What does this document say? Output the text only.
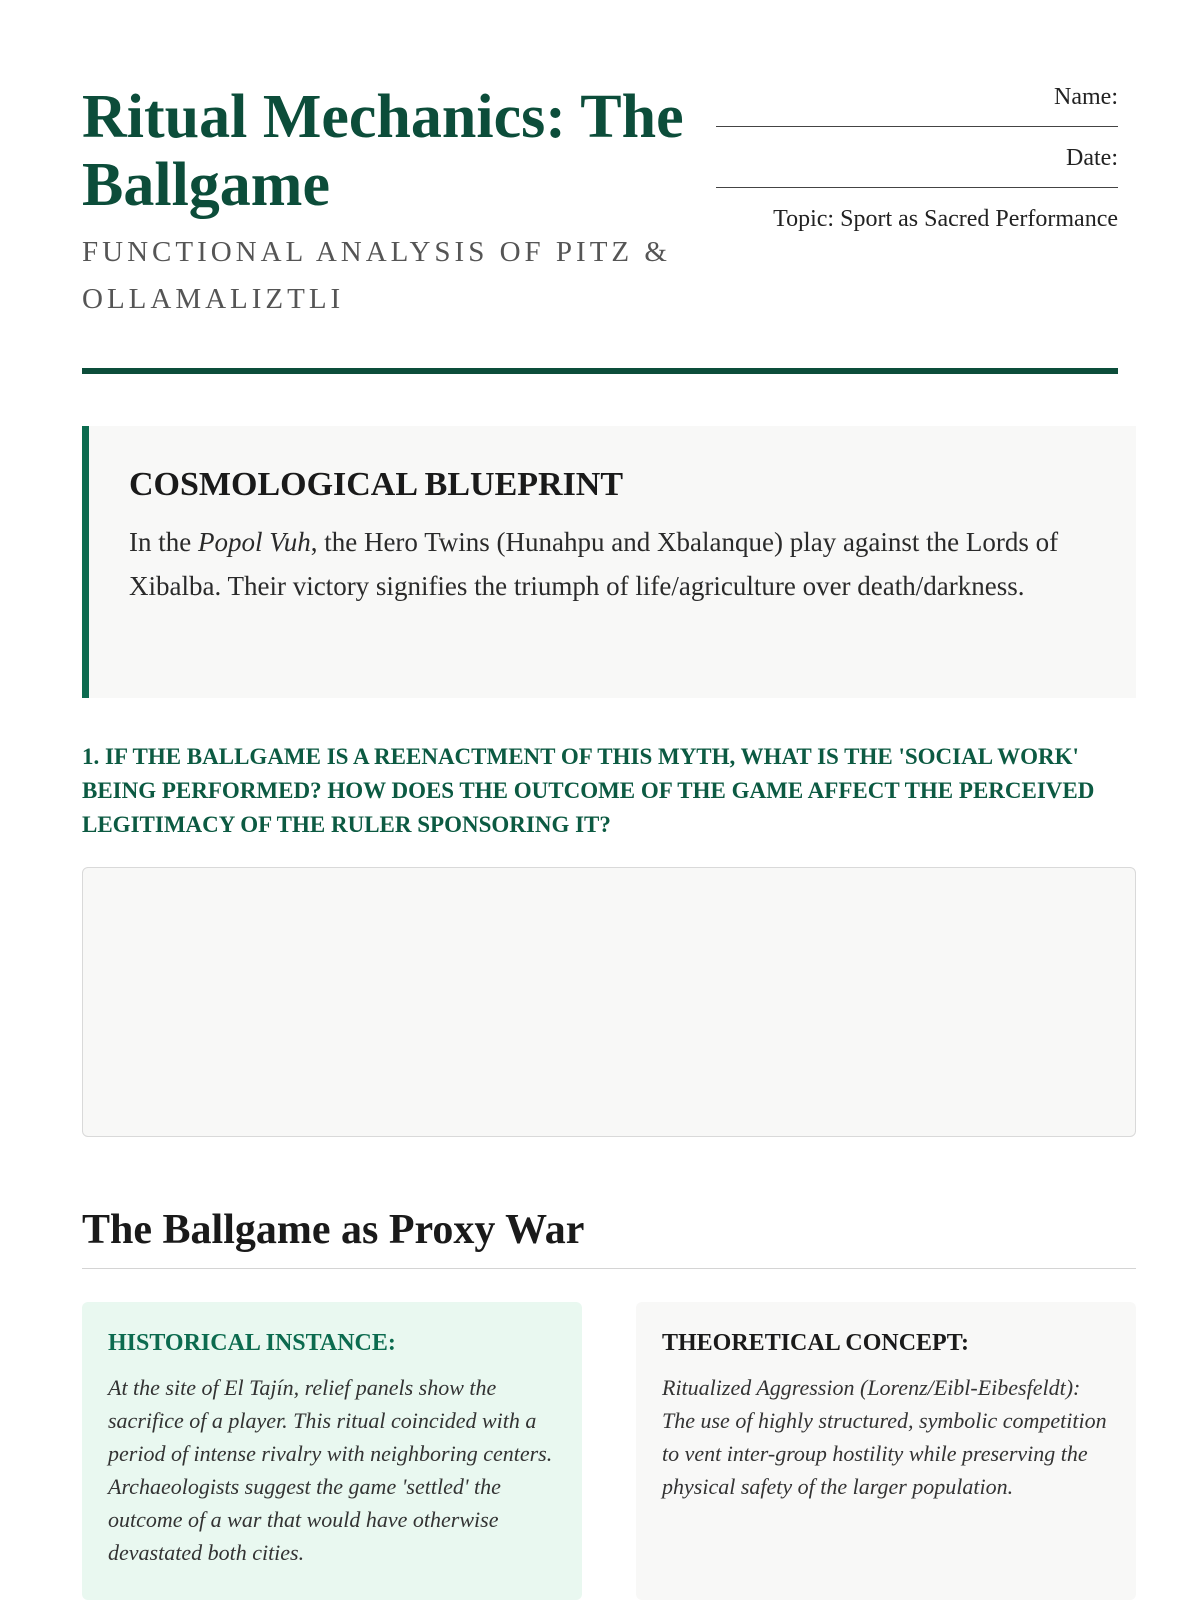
Ritual Mechanics: The Ballgame
FUNCTIONAL ANALYSIS OF PITZ & OLLAMALIZTLI
Name:
Date:
Topic: Sport as Sacred Performance
COSMOLOGICAL BLUEPRINT

In the Popol Vuh, the Hero Twins (Hunahpu and Xbalanque) play against the Lords of Xibalba. Their victory signifies the triumph of life/agriculture over death/darkness.

1. IF THE BALLGAME IS A REENACTMENT OF THIS MYTH, WHAT IS THE 'SOCIAL WORK' BEING PERFORMED? HOW DOES THE OUTCOME OF THE GAME AFFECT THE PERCEIVED LEGITIMACY OF THE RULER SPONSORING IT?
The Ballgame as Proxy War
HISTORICAL INSTANCE:

At the site of El Tajín, relief panels show the sacrifice of a player. This ritual coincided with a period of intense rivalry with neighboring centers. Archaeologists suggest the game 'settled' the outcome of a war that would have otherwise devastated both cities.

THEORETICAL CONCEPT:

Ritualized Aggression (Lorenz/Eibl-Eibesfeldt): The use of highly structured, symbolic competition to vent inter-group hostility while preserving the physical safety of the larger population.
